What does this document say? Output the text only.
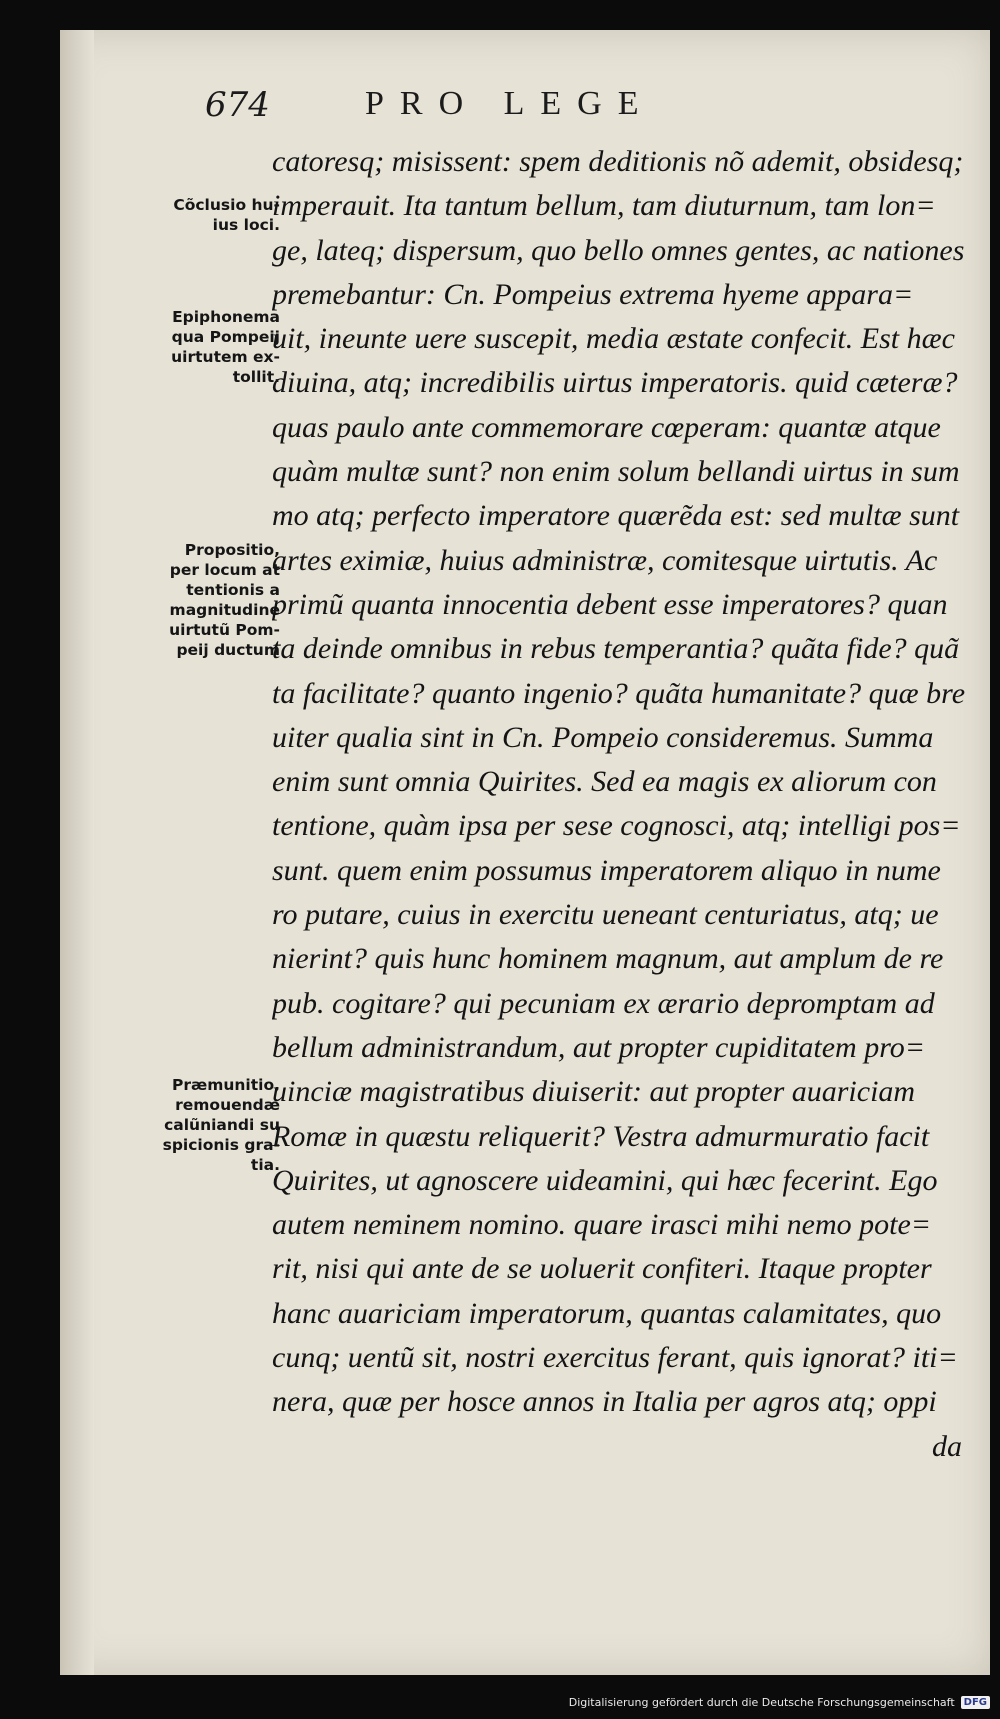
674	PRO LEGE
catoresq; misissent: spem deditionis nõ ademit, obsidesq;
imperauit. Ita tantum bellum, tam diuturnum, tam lon=
ge, lateq; dispersum, quo bello omnes gentes, ac nationes
premebantur: Cn. Pompeius extrema hyeme appara=
uit, ineunte uere suscepit, media æstate confecit. Est hæc
diuina, atq; incredibilis uirtus imperatoris. quid cæteræ?
quas paulo ante commemorare cœperam: quantæ atque
quàm multæ sunt? non enim solum bellandi uirtus in sum
mo atq; perfecto imperatore quærẽda est: sed multæ sunt
artes eximiæ, huius administræ, comitesque uirtutis. Ac
primũ quanta innocentia debent esse imperatores? quan
ta deinde omnibus in rebus temperantia? quãta fide? quã
ta facilitate? quanto ingenio? quãta humanitate? quæ bre
uiter qualia sint in Cn. Pompeio consideremus. Summa
enim sunt omnia Quirites. Sed ea magis ex aliorum con
tentione, quàm ipsa per sese cognosci, atq; intelligi pos=
sunt. quem enim possumus imperatorem aliquo in nume
ro putare, cuius in exercitu ueneant centuriatus, atq; ue
nierint? quis hunc hominem magnum, aut amplum de re
pub. cogitare? qui pecuniam ex ærario depromptam ad
bellum administrandum, aut propter cupiditatem pro=
uinciæ magistratibus diuiserit: aut propter auariciam
Romæ in quæstu reliquerit? Vestra admurmuratio facit
Quirites, ut agnoscere uideamini, qui hæc fecerint. Ego
autem neminem nomino. quare irasci mihi nemo pote=
rit, nisi qui ante de se uoluerit confiteri. Itaque propter
hanc auariciam imperatorum, quantas calamitates, quo
cunq; uentũ sit, nostri exercitus ferant, quis ignorat? iti=
nera, quæ per hosce annos in Italia per agros atq; oppi
da
Cõclusio hu-
ius loci.
Epiphonema
qua Pompeij
uirtutem ex-
tollit.
Propositio,
per locum at
tentionis a
magnitudine
uirtutũ Pom-
peij ductum
Præmunitio,
remouendæ
calũniandi su
spicionis gra-
tia.
Digitalisierung gefördert durch die Deutsche Forschungsgemeinschaft DFG
